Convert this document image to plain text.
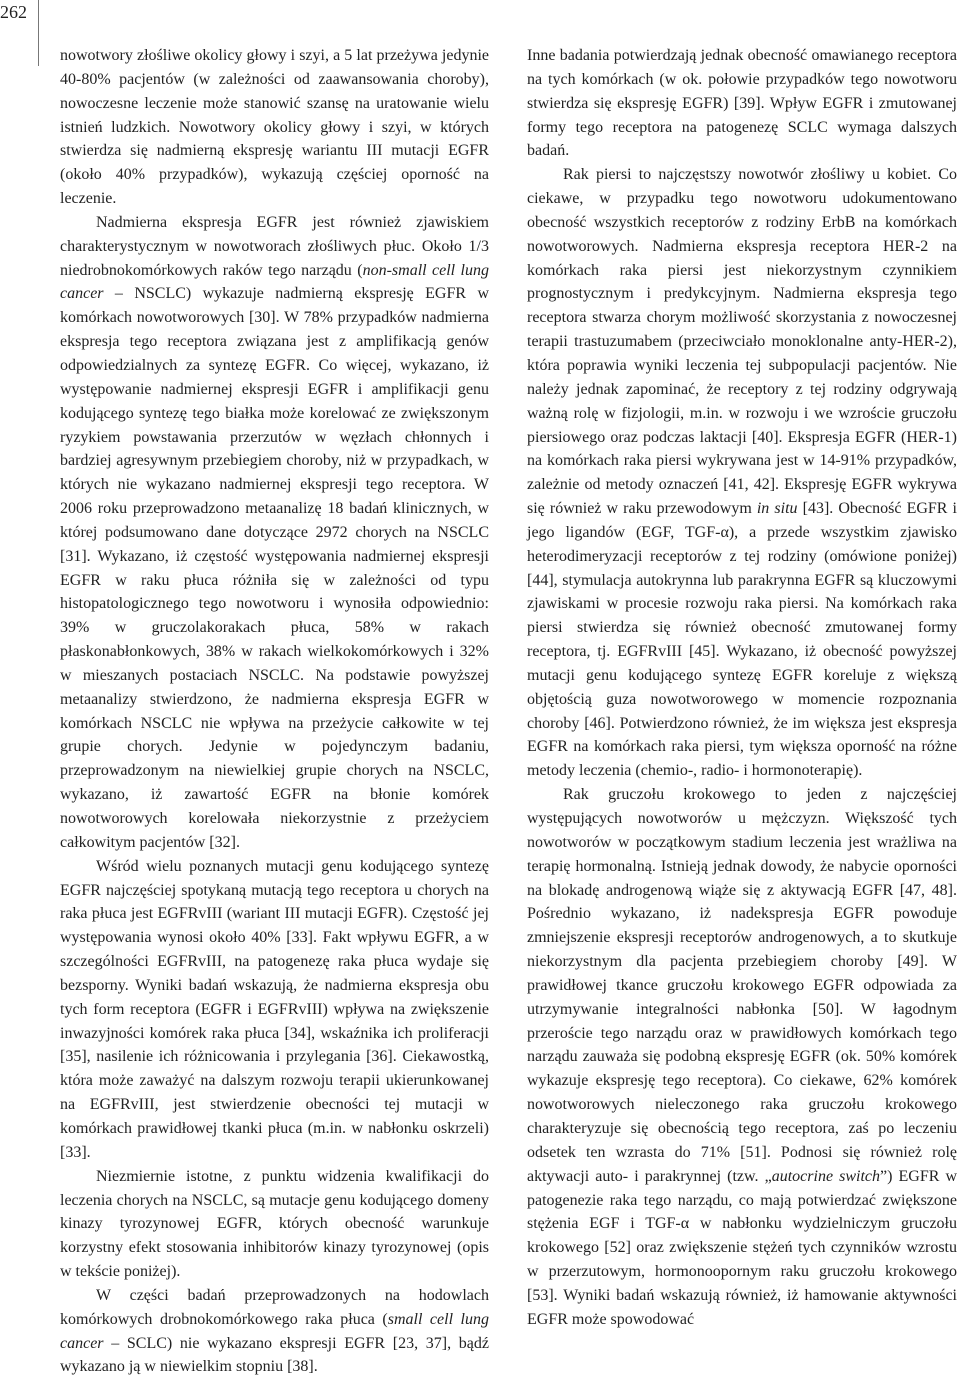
262

nowotwory złośliwe okolicy głowy i szyi, a 5 lat przeżywa jedynie 40-80% pacjentów (w zależności od zaawansowania choroby), nowoczesne leczenie może stanowić szansę na uratowanie wielu istnień ludzkich. Nowotwory okolicy głowy i szyi, w których stwierdza się nadmierną ekspresję wariantu III mutacji EGFR (około 40% przypadków), wykazują częściej oporność na leczenie.

Nadmierna ekspresja EGFR jest również zjawiskiem charakterystycznym w nowotworach złośliwych płuc. Około 1/3 niedrobnokomórkowych raków tego narządu (non-small cell lung cancer – NSCLC) wykazuje nadmierną ekspresję EGFR w komórkach nowotworowych [30]. W 78% przypadków nadmierna ekspresja tego receptora związana jest z amplifikacją genów odpowiedzialnych za syntezę EGFR. Co więcej, wykazano, iż występowanie nadmiernej ekspresji EGFR i amplifikacji genu kodującego syntezę tego białka może korelować ze zwiększonym ryzykiem powstawania przerzutów w węzłach chłonnych i bardziej agresywnym przebiegiem choroby, niż w przypadkach, w których nie wykazano nadmiernej ekspresji tego receptora. W 2006 roku przeprowadzono metaanalizę 18 badań klinicznych, w której podsumowano dane dotyczące 2972 chorych na NSCLC [31]. Wykazano, iż częstość występowania nadmiernej ekspresji EGFR w raku płuca różniła się w zależności od typu histopatologicznego tego nowotworu i wynosiła odpowiednio: 39% w gruczolakorakach płuca, 58% w rakach płaskonabłonkowych, 38% w rakach wielkokomórkowych i 32% w mieszanych postaciach NSCLC. Na podstawie powyższej metaanalizy stwierdzono, że nadmierna ekspresja EGFR w komórkach NSCLC nie wpływa na przeżycie całkowite w tej grupie chorych. Jedynie w pojedynczym badaniu, przeprowadzonym na niewielkiej grupie chorych na NSCLC, wykazano, iż zawartość EGFR na błonie komórek nowotworowych korelowała niekorzystnie z przeżyciem całkowitym pacjentów [32].

Wśród wielu poznanych mutacji genu kodującego syntezę EGFR najczęściej spotykaną mutacją tego receptora u chorych na raka płuca jest EGFRvIII (wariant III mutacji EGFR). Częstość jej występowania wynosi około 40% [33]. Fakt wpływu EGFR, a w szczególności EGFRvIII, na patogenezę raka płuca wydaje się bezsporny. Wyniki badań wskazują, że nadmierna ekspresja obu tych form receptora (EGFR i EGFRvIII) wpływa na zwiększenie inwazyjności komórek raka płuca [34], wskaźnika ich proliferacji [35], nasilenie ich różnicowania i przylegania [36]. Ciekawostką, która może zaważyć na dalszym rozwoju terapii ukierunkowanej na EGFRvIII, jest stwierdzenie obecności tej mutacji w komórkach prawidłowej tkanki płuca (m.in. w nabłonku oskrzeli) [33].

Niezmiernie istotne, z punktu widzenia kwalifikacji do leczenia chorych na NSCLC, są mutacje genu kodującego domeny kinazy tyrozynowej EGFR, których obecność warunkuje korzystny efekt stosowania inhibitorów kinazy tyrozynowej (opis w tekście poniżej).

W części badań przeprowadzonych na hodowlach komórkowych drobnokomórkowego raka płuca (small cell lung cancer – SCLC) nie wykazano ekspresji EGFR [23, 37], bądź wykazano ją w niewielkim stopniu [38].

Inne badania potwierdzają jednak obecność omawianego receptora na tych komórkach (w ok. połowie przypadków tego nowotworu stwierdza się ekspresję EGFR) [39]. Wpływ EGFR i zmutowanej formy tego receptora na patogenezę SCLC wymaga dalszych badań.

Rak piersi to najczęstszy nowotwór złośliwy u kobiet. Co ciekawe, w przypadku tego nowotworu udokumentowano obecność wszystkich receptorów z rodziny ErbB na komórkach nowotworowych. Nadmierna ekspresja receptora HER-2 na komórkach raka piersi jest niekorzystnym czynnikiem prognostycznym i predykcyjnym. Nadmierna ekspresja tego receptora stwarza chorym możliwość skorzystania z nowoczesnej terapii trastuzumabem (przeciwciało monoklonalne anty-HER-2), która poprawia wyniki leczenia tej subpopulacji pacjentów. Nie należy jednak zapominać, że receptory z tej rodziny odgrywają ważną rolę w fizjologii, m.in. w rozwoju i we wzroście gruczołu piersiowego oraz podczas laktacji [40]. Ekspresja EGFR (HER-1) na komórkach raka piersi wykrywana jest w 14-91% przypadków, zależnie od metody oznaczeń [41, 42]. Ekspresję EGFR wykrywa się również w raku przewodowym in situ [43]. Obecność EGFR i jego ligandów (EGF, TGF-α), a przede wszystkim zjawisko heterodimeryzacji receptorów z tej rodziny (omówione poniżej) [44], stymulacja autokrynna lub parakrynna EGFR są kluczowymi zjawiskami w procesie rozwoju raka piersi. Na komórkach raka piersi stwierdza się również obecność zmutowanej formy receptora, tj. EGFRvIII [45]. Wykazano, iż obecność powyższej mutacji genu kodującego syntezę EGFR koreluje z większą objętością guza nowotworowego w momencie rozpoznania choroby [46]. Potwierdzono również, że im większa jest ekspresja EGFR na komórkach raka piersi, tym większa oporność na różne metody leczenia (chemio-, radio- i hormonoterapię).

Rak gruczołu krokowego to jeden z najczęściej występujących nowotworów u mężczyzn. Większość tych nowotworów w początkowym stadium leczenia jest wrażliwa na terapię hormonalną. Istnieją jednak dowody, że nabycie oporności na blokadę androgenową wiąże się z aktywacją EGFR [47, 48]. Pośrednio wykazano, iż nadekspresja EGFR powoduje zmniejszenie ekspresji receptorów androgenowych, a to skutkuje niekorzystnym dla pacjenta przebiegiem choroby [49]. W prawidłowej tkance gruczołu krokowego EGFR odpowiada za utrzymywanie integralności nabłonka [50]. W łagodnym przeroście tego narządu oraz w prawidłowych komórkach tego narządu zauważa się podobną ekspresję EGFR (ok. 50% komórek wykazuje ekspresję tego receptora). Co ciekawe, 62% komórek nowotworowych nieleczonego raka gruczołu krokowego charakteryzuje się obecnością tego receptora, zaś po leczeniu odsetek ten wzrasta do 71% [51]. Podnosi się również rolę aktywacji auto- i parakrynnej (tzw. „autocrine switch”) EGFR w patogenezie raka tego narządu, co mają potwierdzać zwiększone stężenia EGF i TGF-α w nabłonku wydzielniczym gruczołu krokowego [52] oraz zwiększenie stężeń tych czynników wzrostu w przerzutowym, hormonoopornym raku gruczołu krokowego [53]. Wyniki badań wskazują również, iż hamowanie aktywności EGFR może spowodować
